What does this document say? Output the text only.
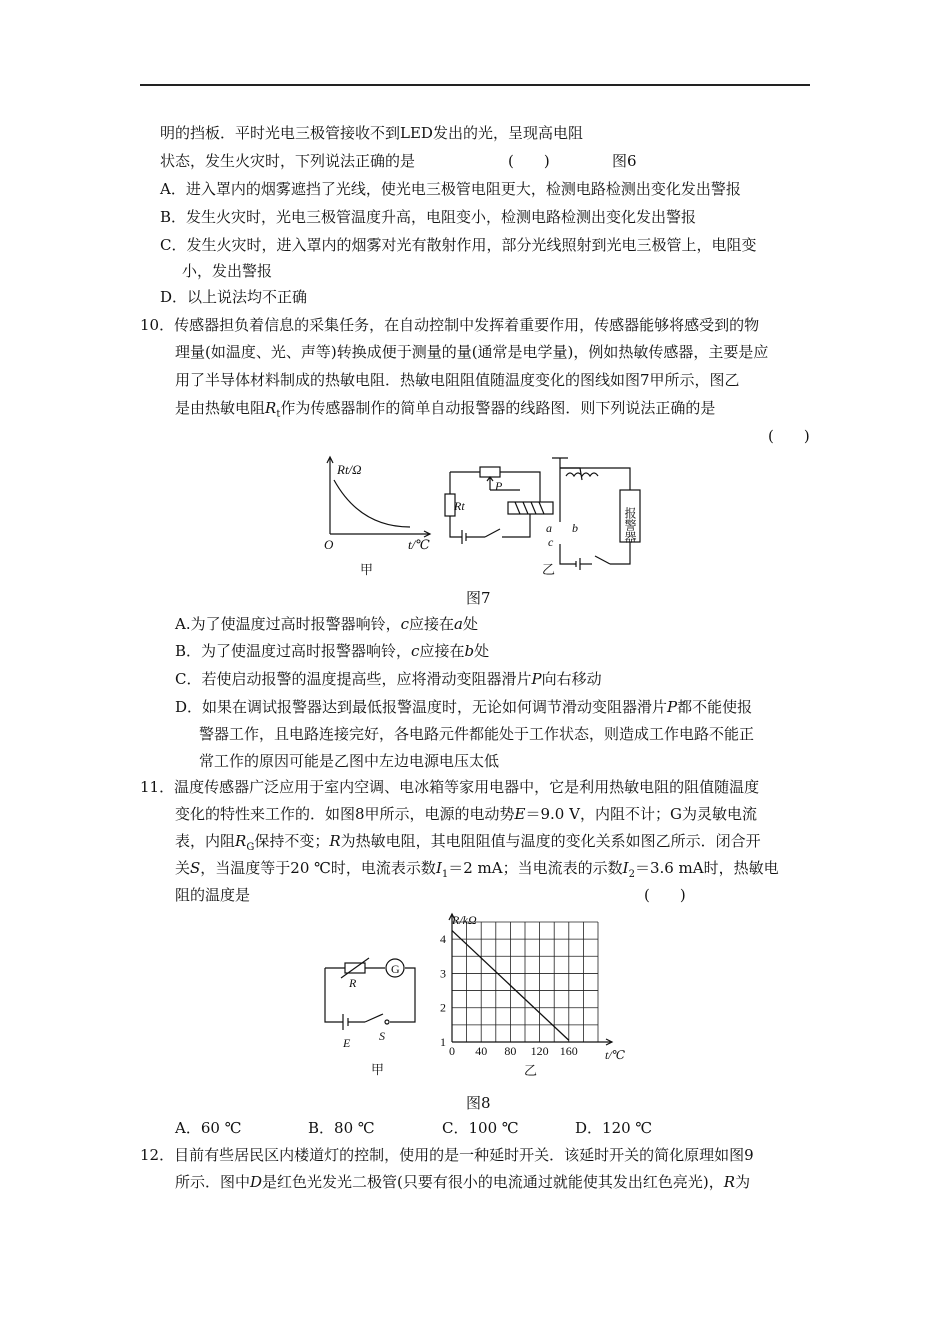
明的挡板．平时光电三极管接收不到LED发出的光，呈现高电阻
状态，发生火灾时，下列说法正确的是	(　　)	图6
A．进入罩内的烟雾遮挡了光线，使光电三极管电阻更大，检测电路检测出变化发出警报
B．发生火灾时，光电三极管温度升高，电阻变小，检测电路检测出变化发出警报
C．发生火灾时，进入罩内的烟雾对光有散射作用，部分光线照射到光电三极管上，电阻变
小，发出警报
D．以上说法均不正确
10．传感器担负着信息的采集任务，在自动控制中发挥着重要作用，传感器能够将感受到的物
理量(如温度、光、声等)转换成便于测量的量(通常是电学量)，例如热敏传感器，主要是应
用了半导体材料制成的热敏电阻．热敏电阻阻值随温度变化的图线如图7甲所示，图乙
是由热敏电阻$R_t$作为传感器制作的简单自动报警器的线路图．则下列说法正确的是
(　　)
Rt/Ω
O	t/℃
甲
Rt
P
a b
c	报警器
乙
图7
A.为了使温度过高时报警器响铃，c应接在a处
B．为了使温度过高时报警器响铃，c应接在b处
C．若使启动报警的温度提高些，应将滑动变阻器滑片P向右移动
D．如果在调试报警器达到最低报警温度时，无论如何调节滑动变阻器滑片P都不能使报
警器工作，且电路连接完好，各电路元件都能处于工作状态，则造成工作电路不能正
常工作的原因可能是乙图中左边电源电压太低
11．温度传感器广泛应用于室内空调、电冰箱等家用电器中，它是利用热敏电阻的阻值随温度
变化的特性来工作的．如图8甲所示，电源的电动势E＝9.0 V，内阻不计；G为灵敏电流
表，内阻$R_G$保持不变；R为热敏电阻，其电阻阻值与温度的变化关系如图乙所示．闭合开
关S，当温度等于20 ℃时，电流表示数$I_1=2$ mA；当电流表的示数$I_2=3.6$ mA时，热敏电
阻的温度是	(　　)
G
R
E S
甲
0 40 80 120 160
1
2
3
4
R/kΩ
t/℃
乙
图8
A．60 ℃	B．80 ℃	C．100 ℃	D．120 ℃
12．目前有些居民区内楼道灯的控制，使用的是一种延时开关．该延时开关的简化原理如图9
所示．图中D是红色光发光二极管(只要有很小的电流通过就能使其发出红色亮光)，R为
